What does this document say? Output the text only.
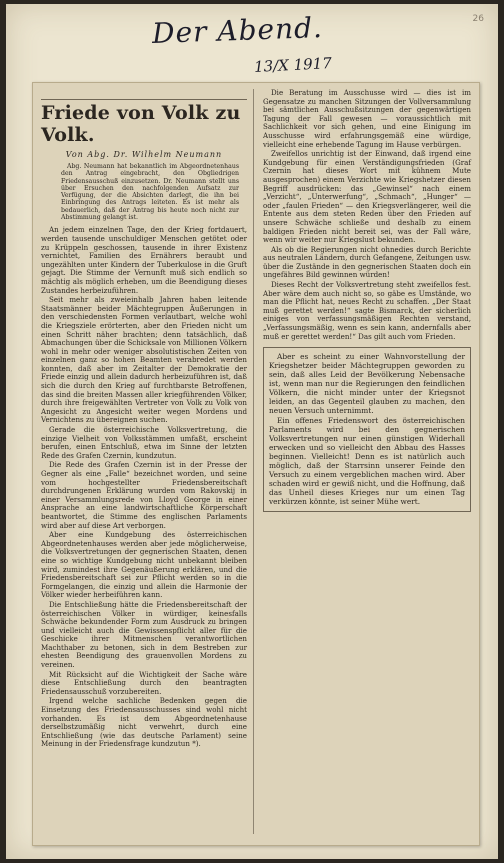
Der Abend.
13/X 1917
26
Friede von Volk zu Volk.
Von Abg. Dr. Wilhelm Neumann

Abg. Neumann hat bekanntlich im Abgeordnetenhaus den Antrag eingebracht, den Obgliedrigen Friedensausschuß einzusetzen. Dr. Neumann stellt uns über Ersuchen den nachfolgenden Aufsatz zur Verfügung, der die Absichten darlegt, die ihn bei Einbringung des Antrags leiteten. Es ist mehr als bedauerlich, daß der Antrag bis heute noch nicht zur Abstimmung gelangt ist.

An jedem einzelnen Tage, den der Krieg fortdauert, werden tausende unschuldiger Menschen getötet oder zu Krüppeln geschossen, tausende in ihrer Existenz vernichtet, Familien des Ernährers beraubt und ungezählten unter Kindern der Tuberkulose in die Gruft gejagt. Die Stimme der Vernunft muß sich endlich so mächtig als möglich erheben, um die Beendigung dieses Zustandes herbeizuführen.

Seit mehr als zweieinhalb Jahren haben leitende Staatsmänner beider Mächtegruppen Äußerungen in den verschiedensten Formen verlautbart, welche wohl die Kriegsziele erörterten, aber den Frieden nicht um einen Schritt näher brachten; denn tatsächlich, daß Abmachungen über die Schicksale von Millionen Völkern wohl in mehr oder weniger absolutistischen Zeiten von einzelnen ganz so hohen Beamten verabredet werden konnten, daß aber im Zeitalter der Demokratie der Friede einzig und allein dadurch herbeizuführen ist, daß sich die durch den Krieg auf furchtbarste Betroffenen, das sind die breiten Massen aller kriegführenden Völker, durch ihre freigewählten Vertreter von Volk zu Volk von Angesicht zu Angesicht weiter wegen Mordens und Vernichtens zu übereignen suchen.

Gerade die österreichische Volksvertretung, die einzige Vielheit von Volksstämmen umfaßt, erscheint berufen, einen Entschluß, etwa im Sinne der letzten Rede des Grafen Czernin, kundzutun.

Die Rede des Grafen Czernin ist in der Presse der Gegner als eine „Falle“ bezeichnet worden, und seine vom hochgestellter Friedensbereitschaft durchdrungenen Erklärung wurden vom Rakovskij in einer Versammlungsrede von Lloyd George in einer Ansprache an eine landwirtschaftliche Körperschaft beantwortet, die Stimme des englischen Parlaments wird aber auf diese Art verborgen.

Aber eine Kundgebung des österreichischen Abgeordnetenhauses werden aber jede möglicherweise, die Volksvertretungen der gegnerischen Staaten, denen eine so wichtige Kundgebung nicht unbekannt bleiben wird, zumindest ihre Gegenäußerung erklären, und die Friedensbereitschaft sei zur Pflicht werden so in die Formgelangen, die einzig und allein die Harmonie der Völker wieder herbeiführen kann.

Die Entschließung hätte die Friedensbereitschaft der österreichischen Völker in würdiger, keinesfalls Schwäche bekundender Form zum Ausdruck zu bringen und vielleicht auch die Gewissenspflicht aller für die Geschicke ihrer Mitmenschen verantwortlichen Machthaber zu betonen, sich in dem Bestreben zur ehesten Beendigung des grauenvollen Mordens zu vereinen.

Mit Rücksicht auf die Wichtigkeit der Sache wäre diese Entschließung durch den beantragten Friedensausschuß vorzubereiten.

Irgend welche sachliche Bedenken gegen die Einsetzung des Friedensausschusses sind wohl nicht vorhanden. Es ist dem Abgeordnetenhause derselbstzumäßig nicht verwehrt, durch eine Entschließung (wie das deutsche Parlament) seine Meinung in der Friedensfrage kundzutun *).

Die Beratung im Ausschusse wird — dies ist im Gegensatze zu manchen Sitzungen der Vollversammlung bei sämtlichen Ausschußsitzungen der gegenwärtigen Tagung der Fall gewesen — voraussichtlich mit Sachlichkeit vor sich gehen, und eine Einigung im Ausschusse wird erfahrungsgemäß eine würdige, vielleicht eine erhebende Tagung im Hause verbürgen.

Zweifellos unrichtig ist der Einwand, daß irgend eine Kundgebung für einen Verständigungsfrieden (Graf Czernin hat dieses Wort mit kühnem Mute ausgesprochen) einem Verzichte wie Kriegshetzer diesen Begriff ausdrücken: das „Gewinsel“ nach einem „Verzicht“, „Unterwerfung“, „Schmach“, „Hunger“ — oder „faulen Frieden“ — den Kriegsverlängerer, weil die Entente aus dem steten Reden über den Frieden auf unsere Schwäche schließe und deshalb zu einem baldigen Frieden nicht bereit sei, was der Fall wäre, wenn wir weiter nur Kriegslust bekunden.

Als ob die Regierungen nicht ohnedies durch Berichte aus neutralen Ländern, durch Gefangene, Zeitungen usw. über die Zustände in den gegnerischen Staaten doch ein ungefähres Bild gewinnen würden!

Dieses Recht der Volksvertretung steht zweifellos fest. Aber wäre dem auch nicht so, so gäbe es Umstände, wo man die Pflicht hat, neues Recht zu schaffen. „Der Staat muß gerettet werden!“ sagte Bismarck, der sicherlich einiges von verfassungsmäßigen Rechten verstand, „Verfassungsmäßig, wenn es sein kann, andernfalls aber muß er gerettet werden!“ Das gilt auch vom Frieden.

Aber es scheint zu einer Wahnvorstellung der Kriegshetzer beider Mächtegruppen geworden zu sein, daß alles Leid der Bevölkerung Nebensache ist, wenn man nur die Regierungen den feindlichen Völkern, die nicht minder unter der Kriegsnot leiden, an das Gegenteil glauben zu machen, den neuen Versuch unternimmt.

Ein offenes Friedenswort des österreichischen Parlaments wird bei den gegnerischen Volksvertretungen nur einen günstigen Widerhall erwecken und so vielleicht den Abbau des Hasses beginnen. Vielleicht! Denn es ist natürlich auch möglich, daß der Starrsinn unserer Feinde den Versuch zu einem vergeblichen machen wird. Aber schaden wird er gewiß nicht, und die Hoffnung, daß das Unheil dieses Krieges nur um einen Tag verkürzen könnte, ist seiner Mühe wert.
